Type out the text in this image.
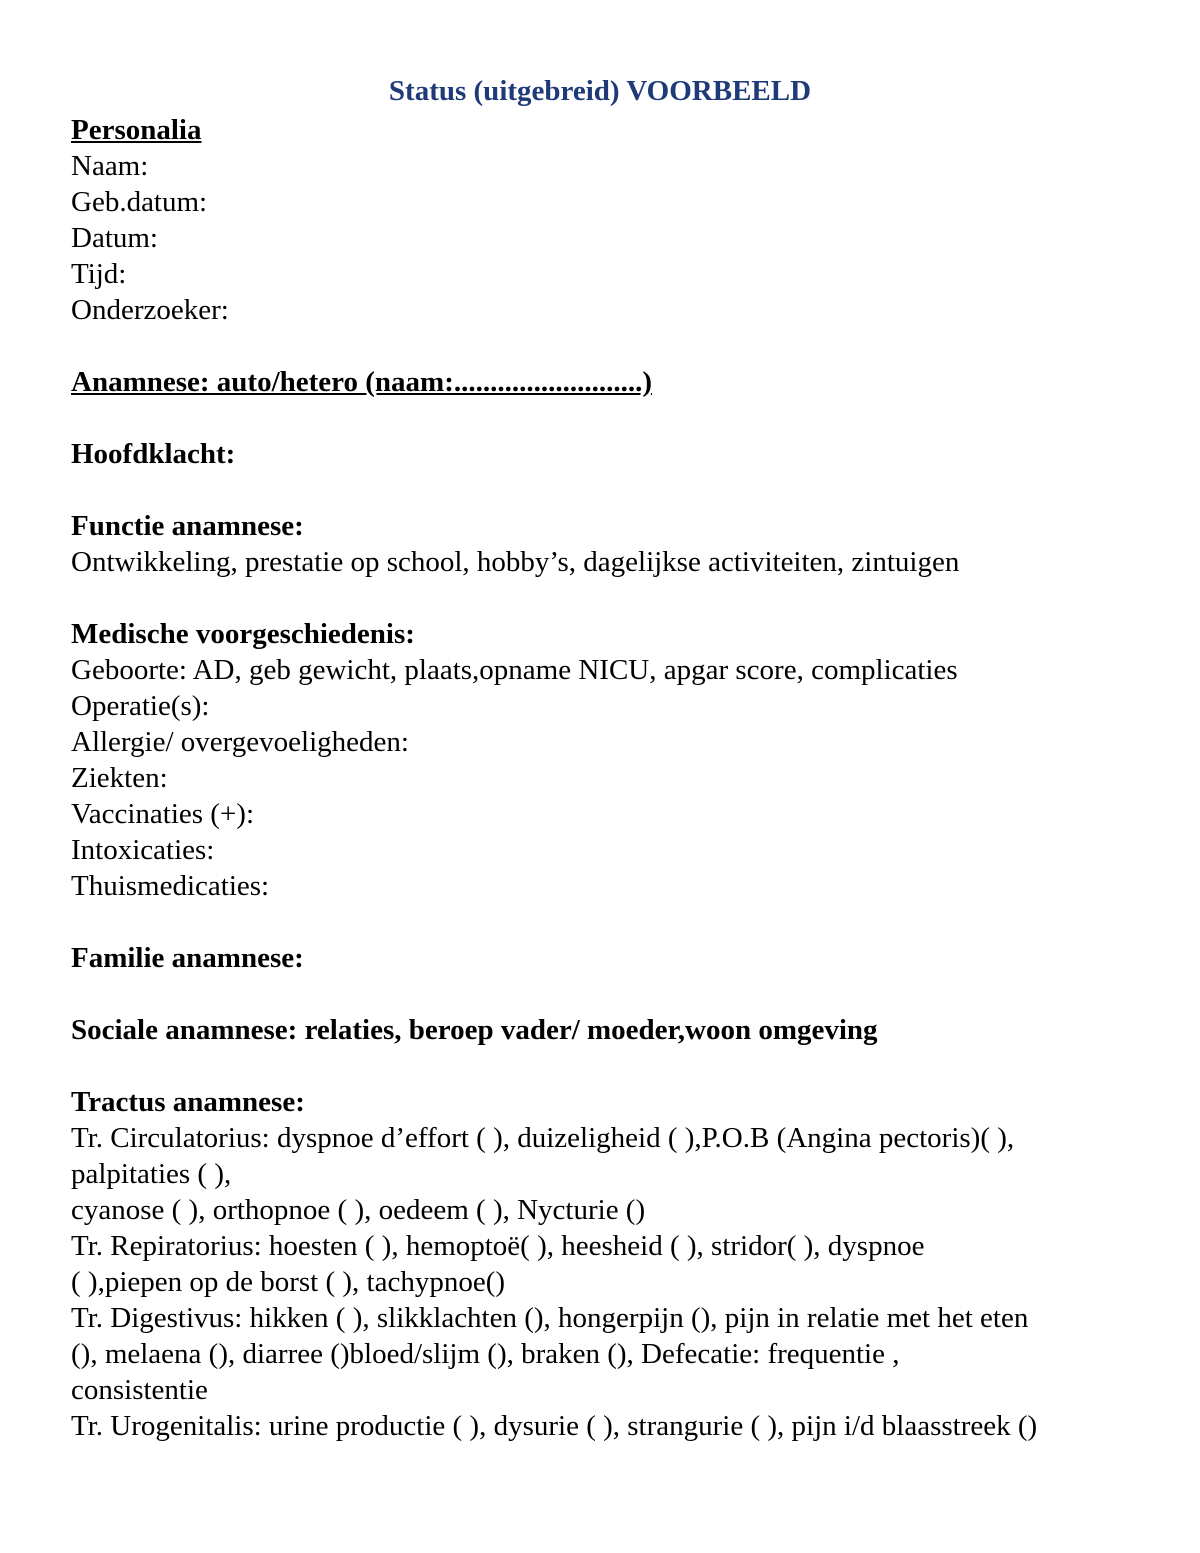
Status (uitgebreid) VOORBEELD
Personalia
Naam:
Geb.datum:
Datum:
Tijd:
Onderzoeker:
Anamnese: auto/hetero (naam:..........................)
Hoofdklacht:
Functie anamnese:
Ontwikkeling, prestatie op school, hobby’s, dagelijkse activiteiten, zintuigen
Medische voorgeschiedenis:
Geboorte: AD, geb gewicht, plaats,opname NICU, apgar score, complicaties
Operatie(s):
Allergie/ overgevoeligheden:
Ziekten:
Vaccinaties (+):
Intoxicaties:
Thuismedicaties:
Familie anamnese:
Sociale anamnese: relaties, beroep vader/ moeder,woon omgeving
Tractus anamnese:
Tr. Circulatorius: dyspnoe d’effort ( ), duizeligheid ( ),P.O.B (Angina pectoris)( ),
palpitaties ( ),
cyanose ( ), orthopnoe ( ), oedeem ( ), Nycturie ()
Tr. Repiratorius: hoesten ( ), hemoptoë( ), heesheid ( ), stridor( ), dyspnoe
( ),piepen op de borst ( ), tachypnoe()
Tr. Digestivus: hikken ( ), slikklachten (), hongerpijn (), pijn in relatie met het eten
(), melaena (), diarree ()bloed/slijm (), braken (), Defecatie: frequentie ,
consistentie
Tr. Urogenitalis: urine productie ( ), dysurie ( ), strangurie ( ), pijn i/d blaasstreek ()
